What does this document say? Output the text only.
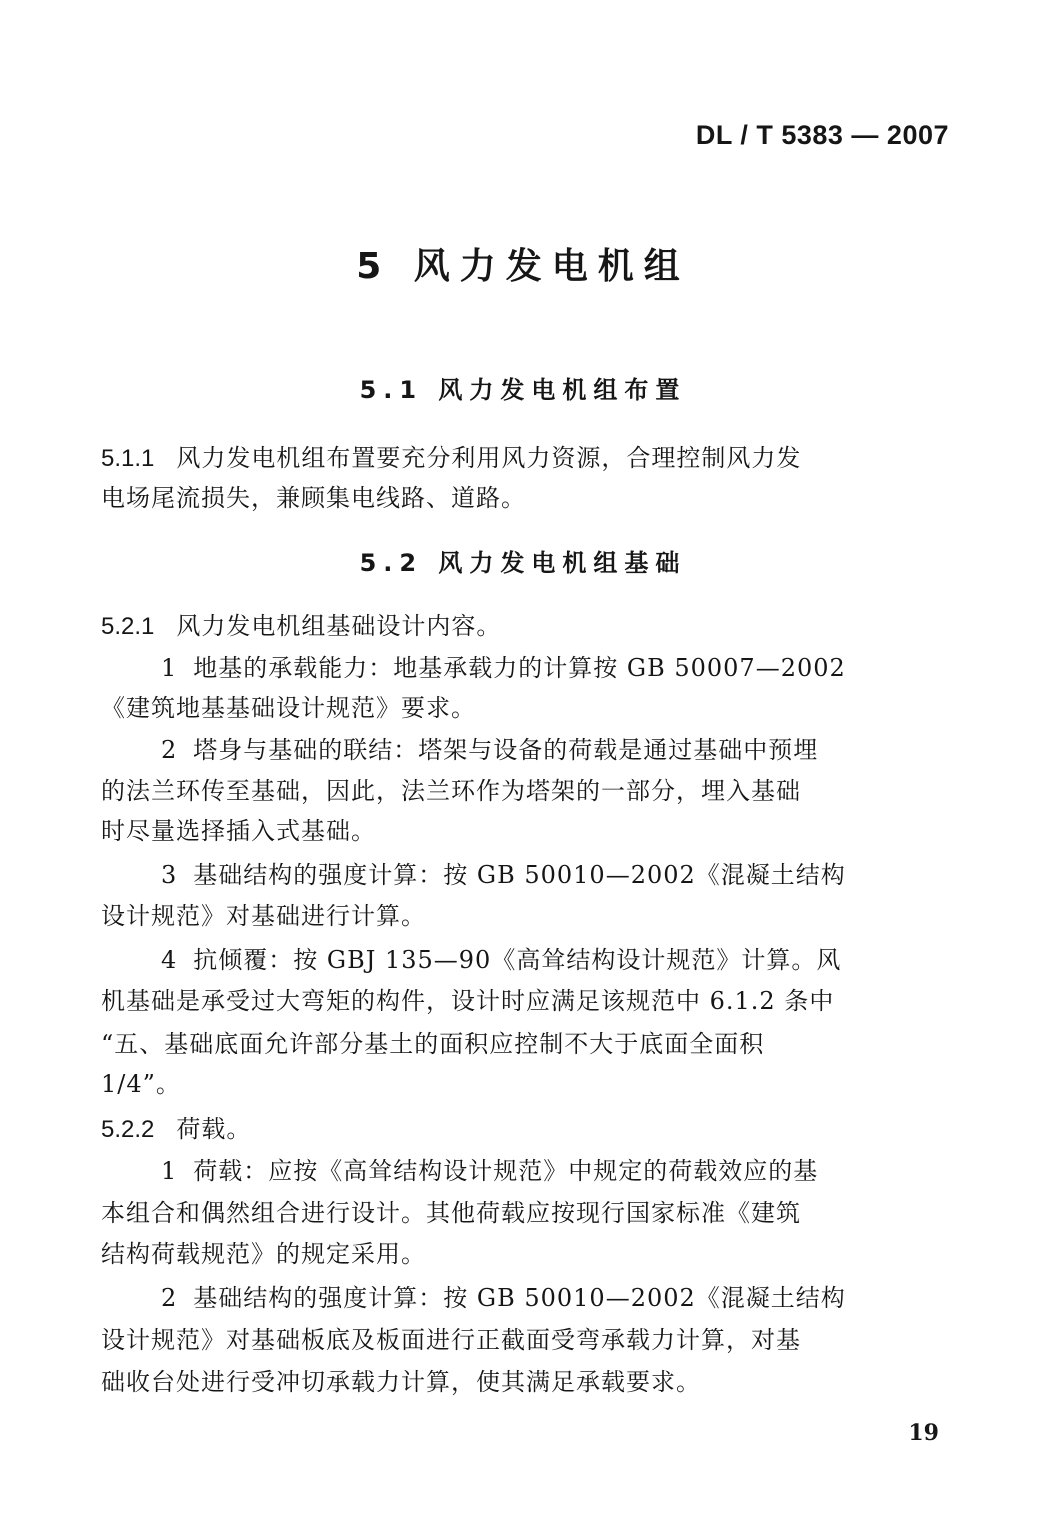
DL / T 5383 — 2007
5 风力发电机组
5.1 风力发电机组布置
5.1.1 风力发电机组布置要充分利用风力资源，合理控制风力发
电场尾流损失，兼顾集电线路、道路。
5.2 风力发电机组基础
5.2.1 风力发电机组基础设计内容。
1 地基的承载能力：地基承载力的计算按 GB 50007—2002
《建筑地基基础设计规范》要求。
2 塔身与基础的联结：塔架与设备的荷载是通过基础中预埋
的法兰环传至基础，因此，法兰环作为塔架的一部分，埋入基础
时尽量选择插入式基础。
3 基础结构的强度计算：按 GB 50010—2002《混凝土结构
设计规范》对基础进行计算。
4 抗倾覆：按 GBJ 135—90《高耸结构设计规范》计算。风
机基础是承受过大弯矩的构件，设计时应满足该规范中 6.1.2 条中
“五、基础底面允许部分基土的面积应控制不大于底面全面积
1/4”。
5.2.2 荷载。
1 荷载：应按《高耸结构设计规范》中规定的荷载效应的基
本组合和偶然组合进行设计。其他荷载应按现行国家标准《建筑
结构荷载规范》的规定采用。
2 基础结构的强度计算：按 GB 50010—2002《混凝土结构
设计规范》对基础板底及板面进行正截面受弯承载力计算，对基
础收台处进行受冲切承载力计算，使其满足承载要求。
19
